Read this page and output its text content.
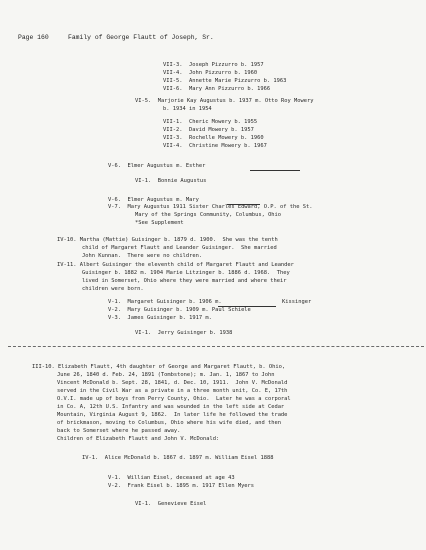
Page 160	Family of George Flautt of Joseph, Sr.
VII-3.  Joseph Pizzurro b. 1957
VII-4.  John Pizzurro b. 1960
VII-5.  Annette Marie Pizzurro b. 1963
VII-6.  Mary Ann Pizzurro b. 1966
VI-5.  Marjorie Kay Augustus b. 1937 m. Otto Roy Mowery
b. 1934 in 1954
VII-1.  Cheric Mowery b. 1955
VII-2.  David Mowery b. 1957
VII-3.  Rochelle Mowery b. 1960
VII-4.  Christine Mowery b. 1967
V-6.  Elmer Augustus m. Esther
VI-1.  Bonnie Augustus
V-6.  Elmer Augustus m. Mary
V-7.  Mary Augustus 1911 Sister Charles Edward, O.P. of the St.
Mary of the Springs Community, Columbus, Ohio
*See Supplement
IV-10. Martha (Mattie) Guisinger b. 1879 d. 1900.  She was the tenth
child of Margaret Flautt and Leander Guisinger.  She married
John Kunnan.  There were no children.
IV-11. Albert Guisinger the eleventh child of Margaret Flautt and Leander
Guisinger b. 1882 m. 1904 Marie Litzinger b. 1886 d. 1968.  They
lived in Somerset, Ohio where they were married and where their
children were born.
V-1.  Margaret Guisinger b. 1906 m.	Kissinger
V-2.  Mary Guisinger b. 1909 m. Paul Schiele
V-3.  James Guisinger b. 1917 m.
VI-1.  Jerry Guisinger b. 1938
III-10. Elizabeth Flautt, 4th daughter of George and Margaret Flautt, b. Ohio,
June 26, 1840 d. Feb. 24, 1891 (Tombstone); m. Jan. 1, 1867 to John
Vincent McDonald b. Sept. 28, 1841, d. Dec. 10, 1911.  John V. McDonald
served in the Civil War as a private in a three month unit, Co. E, 17th
O.V.I. made up of boys from Perry County, Ohio.  Later he was a corporal
in Co. A, 12th U.S. Infantry and was wounded in the left side at Cedar
Mountain, Virginia August 9, 1862.  In later life he followed the trade
of brickmason, moving to Columbus, Ohio where his wife died, and then
back to Somerset where he passed away.
Children of Elizabeth Flautt and John V. McDonald:
IV-1.  Alice McDonald b. 1867 d. 1897 m. William Eisel 1888
V-1.  Willian Eisel, deceased at age 43
V-2.  Frank Eisel b. 1895 m. 1917 Ellen Myers
VI-1.  Genevieve Eisel
